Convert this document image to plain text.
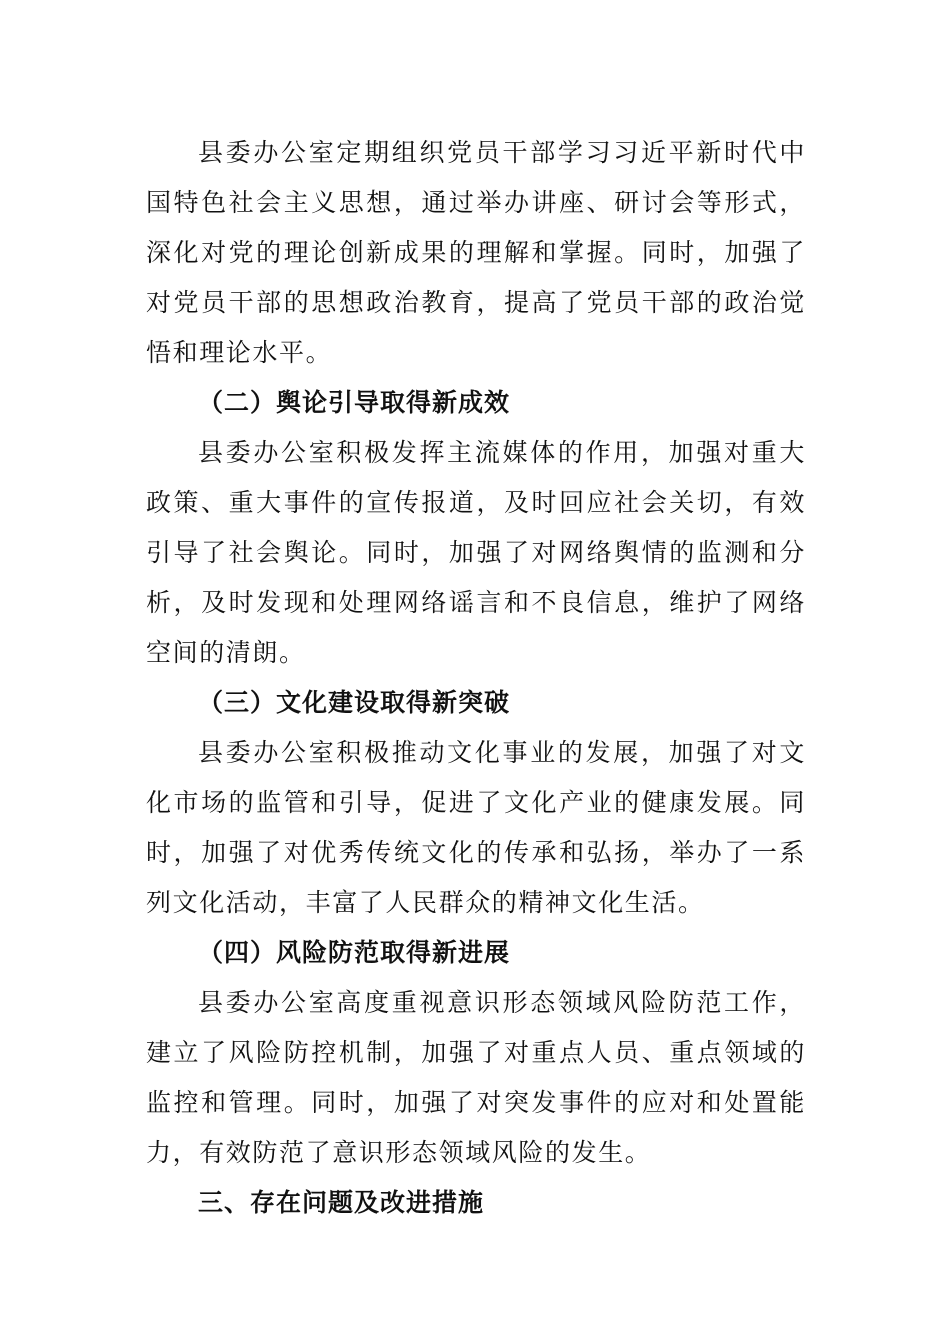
县委办公室定期组织党员干部学习习近平新时代中国特色社会主义思想，通过举办讲座、研讨会等形式，深化对党的理论创新成果的理解和掌握。同时，加强了对党员干部的思想政治教育，提高了党员干部的政治觉悟和理论水平。

（二）舆论引导取得新成效

县委办公室积极发挥主流媒体的作用，加强对重大政策、重大事件的宣传报道，及时回应社会关切，有效引导了社会舆论。同时，加强了对网络舆情的监测和分析，及时发现和处理网络谣言和不良信息，维护了网络空间的清朗。

（三）文化建设取得新突破

县委办公室积极推动文化事业的发展，加强了对文化市场的监管和引导，促进了文化产业的健康发展。同时，加强了对优秀传统文化的传承和弘扬，举办了一系列文化活动，丰富了人民群众的精神文化生活。

（四）风险防范取得新进展

县委办公室高度重视意识形态领域风险防范工作，建立了风险防控机制，加强了对重点人员、重点领域的监控和管理。同时，加强了对突发事件的应对和处置能力，有效防范了意识形态领域风险的发生。

三、存在问题及改进措施
